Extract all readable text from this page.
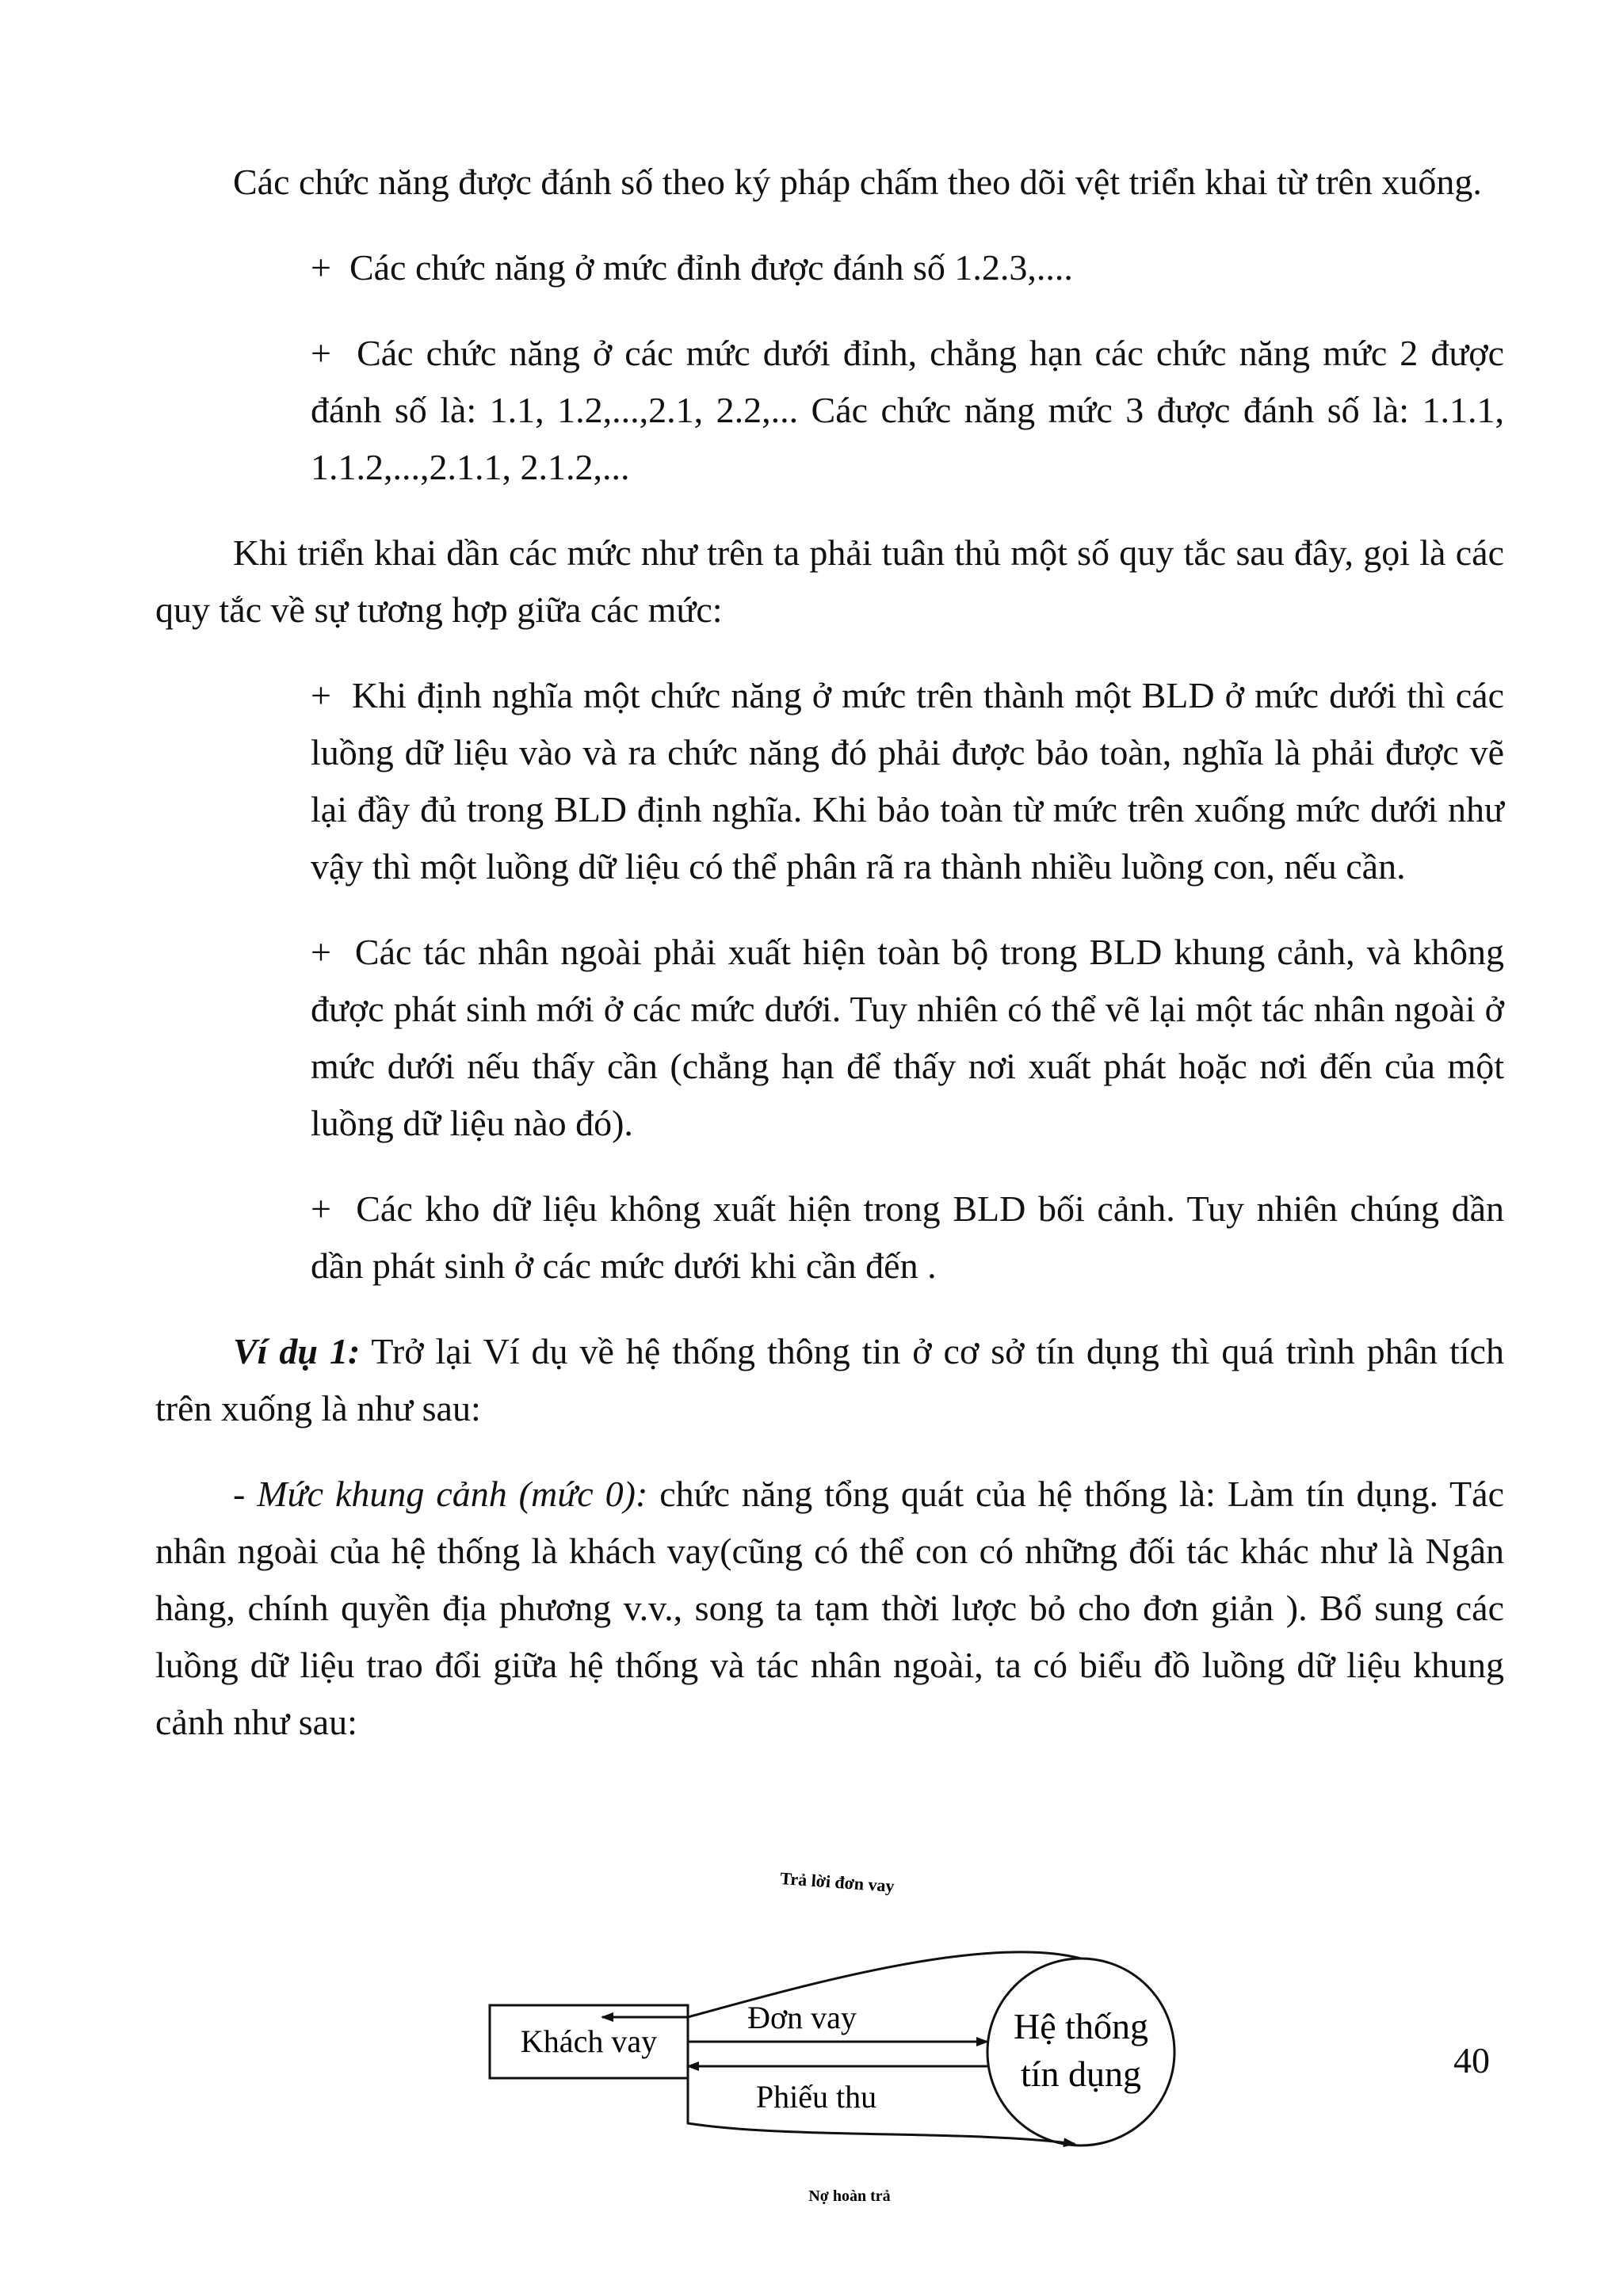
Các chức năng được đánh số theo ký pháp chấm theo dõi vệt triển khai từ trên xuống.

+ Các chức năng ở mức đỉnh được đánh số 1.2.3,....

+ Các chức năng ở các mức dưới đỉnh, chẳng hạn các chức năng mức 2 được đánh số là: 1.1, 1.2,...,2.1, 2.2,... Các chức năng mức 3 được đánh số là: 1.1.1, 1.1.2,...,2.1.1, 2.1.2,...

Khi triển khai dần các mức như trên ta phải tuân thủ một số quy tắc sau đây, gọi là các quy tắc về sự tương hợp giữa các mức:

+ Khi định nghĩa một chức năng ở mức trên thành một BLD ở mức dưới thì các luồng dữ liệu vào và ra chức năng đó phải được bảo toàn, nghĩa là phải được vẽ lại đầy đủ trong BLD định nghĩa. Khi bảo toàn từ mức trên xuống mức dưới như vậy thì một luồng dữ liệu có thể phân rã ra thành nhiều luồng con, nếu cần.

+ Các tác nhân ngoài phải xuất hiện toàn bộ trong BLD khung cảnh, và không được phát sinh mới ở các mức dưới. Tuy nhiên có thể vẽ lại một tác nhân ngoài ở mức dưới nếu thấy cần (chẳng hạn để thấy nơi xuất phát hoặc nơi đến của một luồng dữ liệu nào đó).

+ Các kho dữ liệu không xuất hiện trong BLD bối cảnh. Tuy nhiên chúng dần dần phát sinh ở các mức dưới khi cần đến .

Ví dụ 1: Trở lại Ví dụ về hệ thống thông tin ở cơ sở tín dụng thì quá trình phân tích trên xuống là như sau:

- Mức khung cảnh (mức 0): chức năng tổng quát của hệ thống là: Làm tín dụng. Tác nhân ngoài của hệ thống là khách vay(cũng có thể con có những đối tác khác như là Ngân hàng, chính quyền địa phương v.v., song ta tạm thời lược bỏ cho đơn giản ). Bổ sung các luồng dữ liệu trao đổi giữa hệ thống và tác nhân ngoài, ta có biểu đồ luồng dữ liệu khung cảnh như sau:

Trả lời đơn vay
Khách vay	Hệ thống
tín dụng
Đơn vay
Phiếu thu
Nợ hoàn trả
40
